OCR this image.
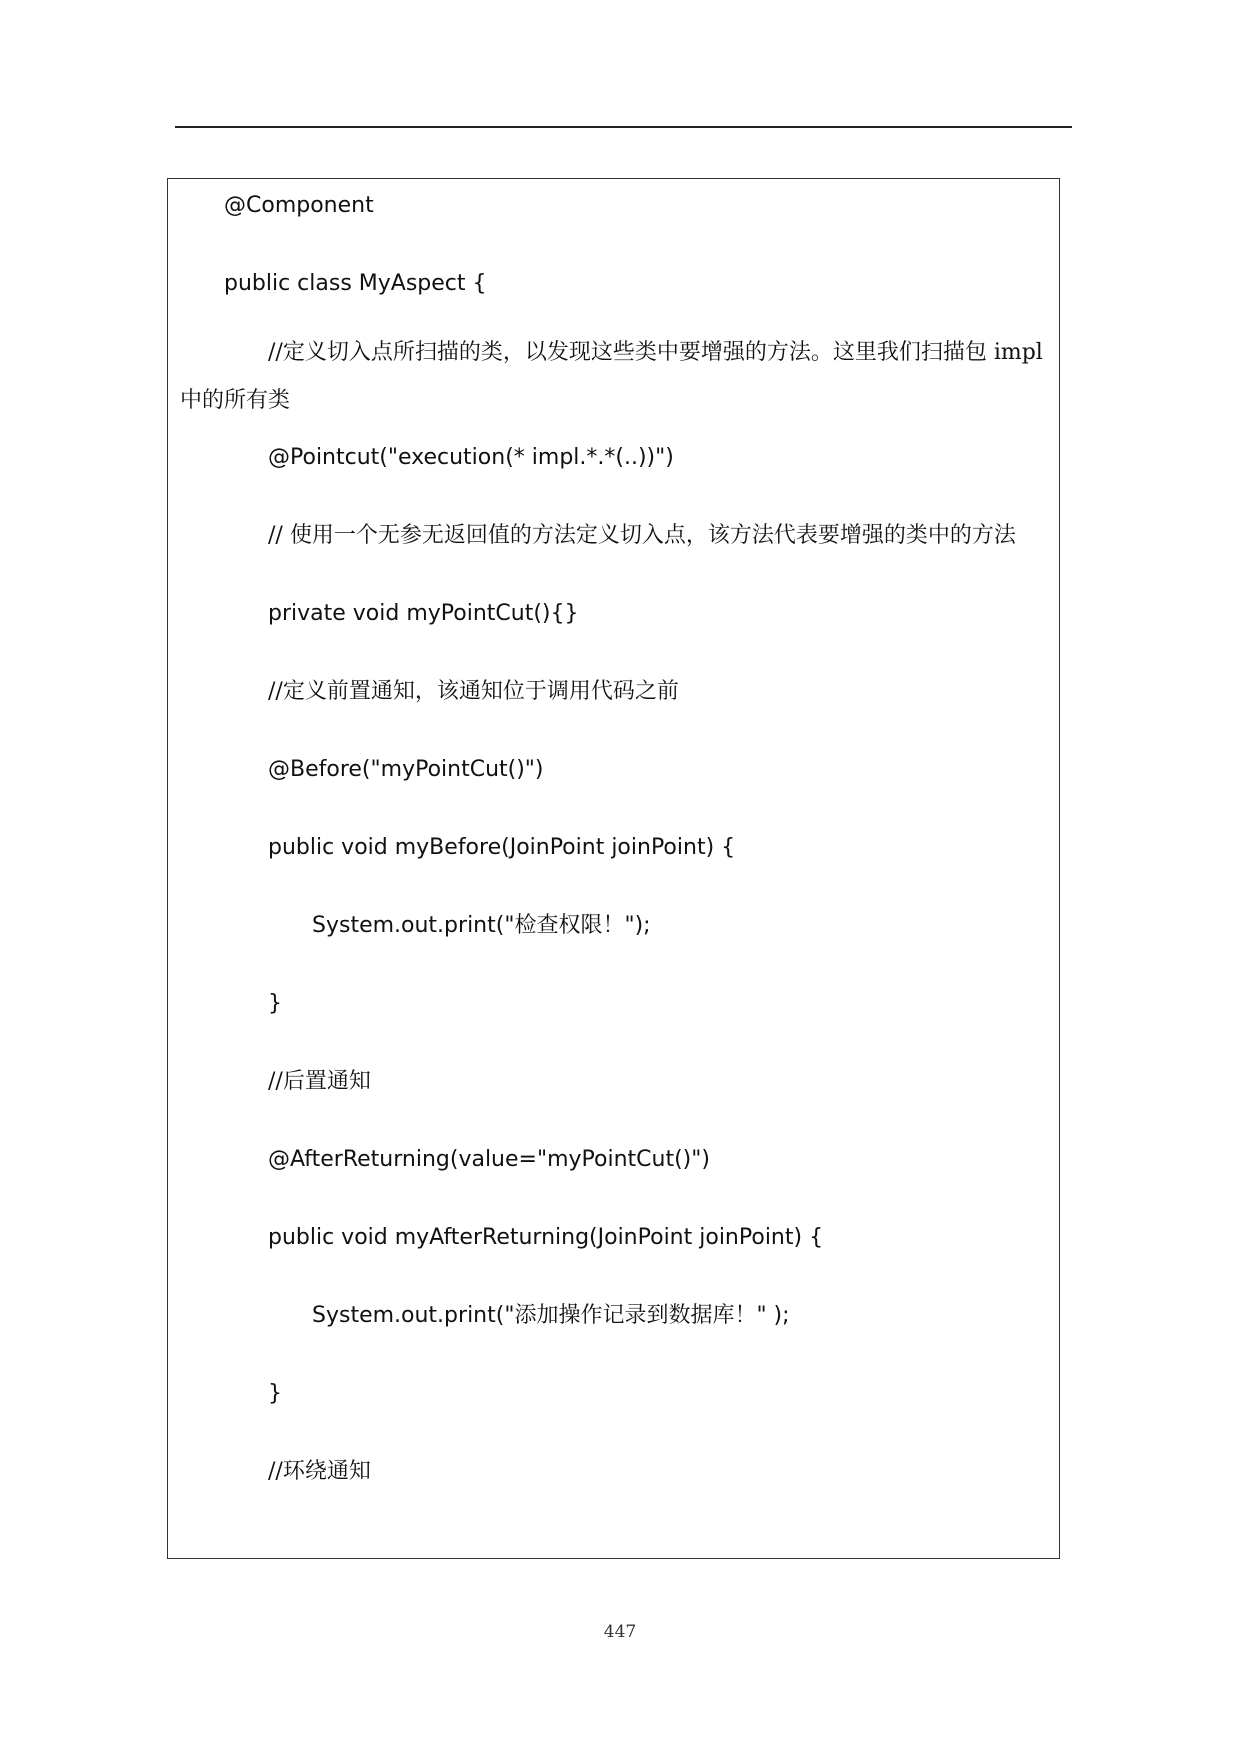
@Component
public class MyAspect {
//定义切入点所扫描的类，以发现这些类中要增强的方法。这里我们扫描包 impl 中的所有类
@Pointcut("execution(* impl.*.*(..))")
// 使用一个无参无返回值的方法定义切入点，该方法代表要增强的类中的方法
private void myPointCut(){}
//定义前置通知，该通知位于调用代码之前
@Before("myPointCut()")
public void myBefore(JoinPoint joinPoint) {
System.out.print("检查权限！");
}
//后置通知
@AfterReturning(value="myPointCut()")
public void myAfterReturning(JoinPoint joinPoint) {
System.out.print("添加操作记录到数据库！" );
}
//环绕通知
447
